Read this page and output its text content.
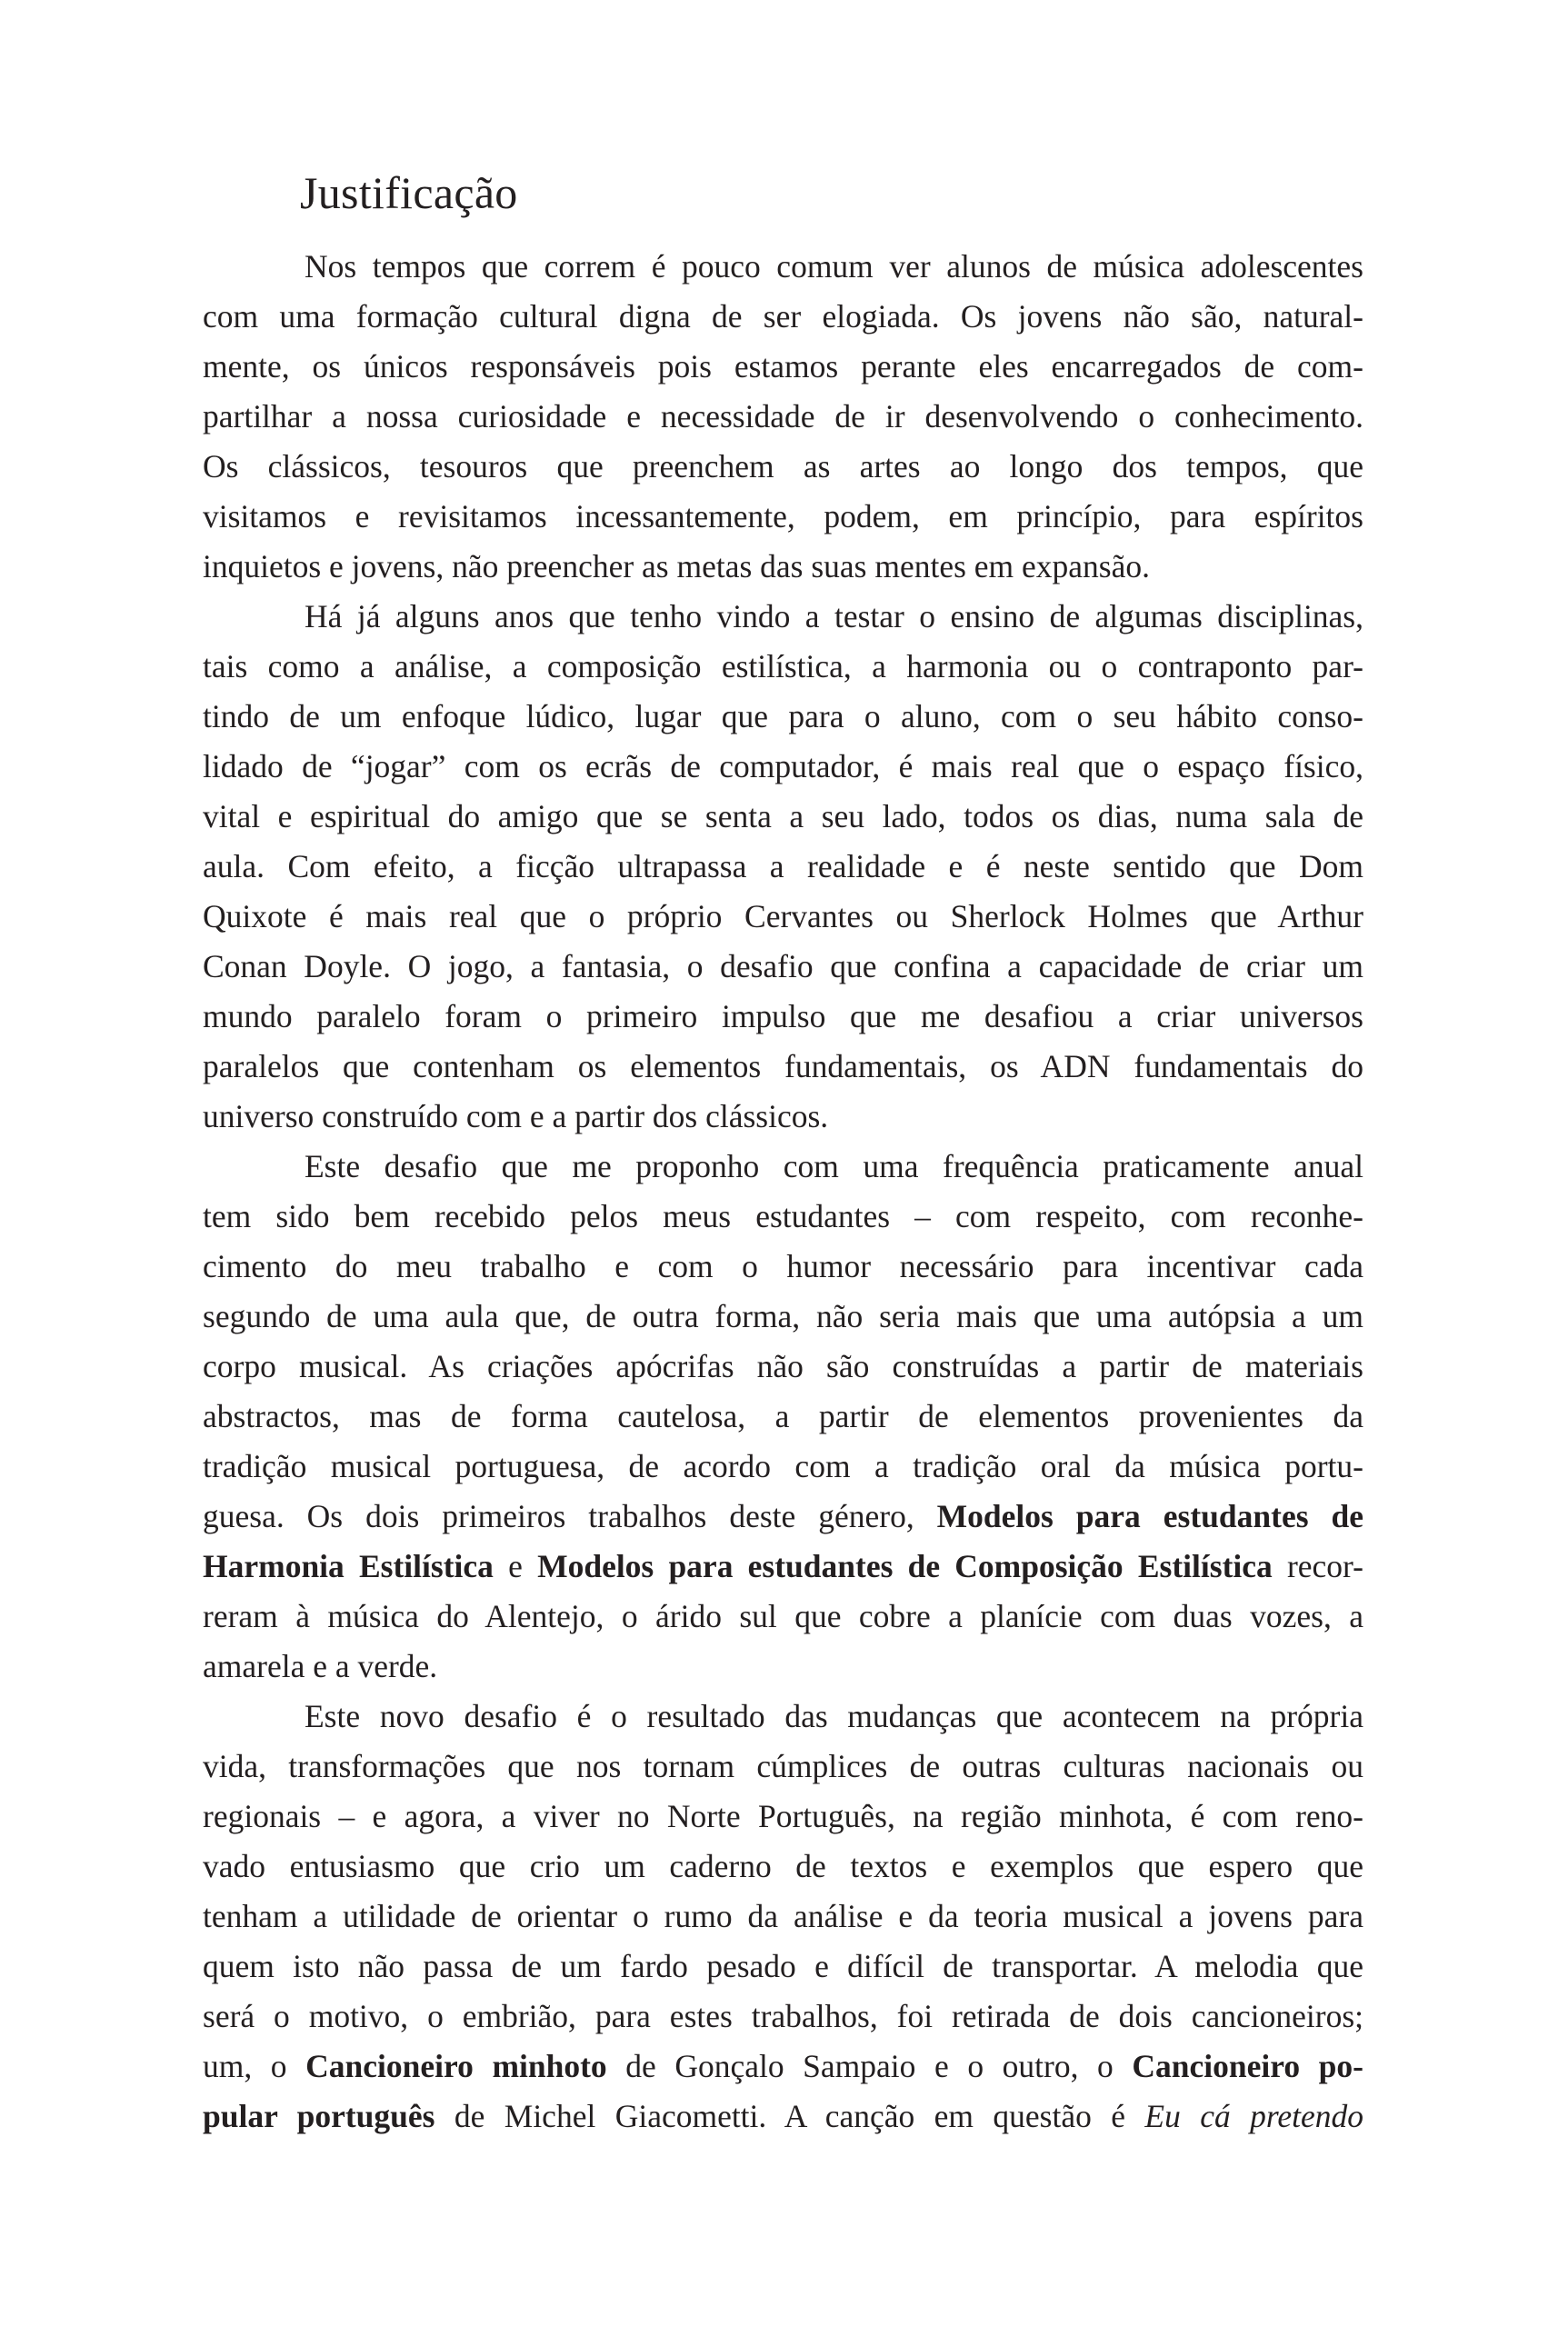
Justificação
Nos tempos que correm é pouco comum ver alunos de música adolescentes
com uma formação cultural digna de ser elogiada. Os jovens não são, natural-
mente, os únicos responsáveis pois estamos perante eles encarregados de com-
partilhar a nossa curiosidade e necessidade de ir desenvolvendo o conhecimento.
Os clássicos, tesouros que preenchem as artes ao longo dos tempos, que
visitamos e revisitamos incessantemente, podem, em princípio, para espíritos
inquietos e jovens, não preencher as metas das suas mentes em expansão.
Há já alguns anos que tenho vindo a testar o ensino de algumas disciplinas,
tais como a análise, a composição estilística, a harmonia ou o contraponto par-
tindo de um enfoque lúdico, lugar que para o aluno, com o seu hábito conso-
lidado de “jogar” com os ecrãs de computador, é mais real que o espaço físico,
vital e espiritual do amigo que se senta a seu lado, todos os dias, numa sala de
aula. Com efeito, a ficção ultrapassa a realidade e é neste sentido que Dom
Quixote é mais real que o próprio Cervantes ou Sherlock Holmes que Arthur
Conan Doyle. O jogo, a fantasia, o desafio que confina a capacidade de criar um
mundo paralelo foram o primeiro impulso que me desafiou a criar universos
paralelos que contenham os elementos fundamentais, os ADN fundamentais do
universo construído com e a partir dos clássicos.
Este desafio que me proponho com uma frequência praticamente anual
tem sido bem recebido pelos meus estudantes – com respeito, com reconhe-
cimento do meu trabalho e com o humor necessário para incentivar cada
segundo de uma aula que, de outra forma, não seria mais que uma autópsia a um
corpo musical. As criações apócrifas não são construídas a partir de materiais
abstractos, mas de forma cautelosa, a partir de elementos provenientes da
tradição musical portuguesa, de acordo com a tradição oral da música portu-
guesa. Os dois primeiros trabalhos deste género, Modelos para estudantes de
Harmonia Estilística e Modelos para estudantes de Composição Estilística recor-
reram à música do Alentejo, o árido sul que cobre a planície com duas vozes, a
amarela e a verde.
Este novo desafio é o resultado das mudanças que acontecem na própria
vida, transformações que nos tornam cúmplices de outras culturas nacionais ou
regionais – e agora, a viver no Norte Português, na região minhota, é com reno-
vado entusiasmo que crio um caderno de textos e exemplos que espero que
tenham a utilidade de orientar o rumo da análise e da teoria musical a jovens para
quem isto não passa de um fardo pesado e difícil de transportar. A melodia que
será o motivo, o embrião, para estes trabalhos, foi retirada de dois cancioneiros;
um, o Cancioneiro minhoto de Gonçalo Sampaio e o outro, o Cancioneiro po-
pular português de Michel Giacometti. A canção em questão é Eu cá pretendo
